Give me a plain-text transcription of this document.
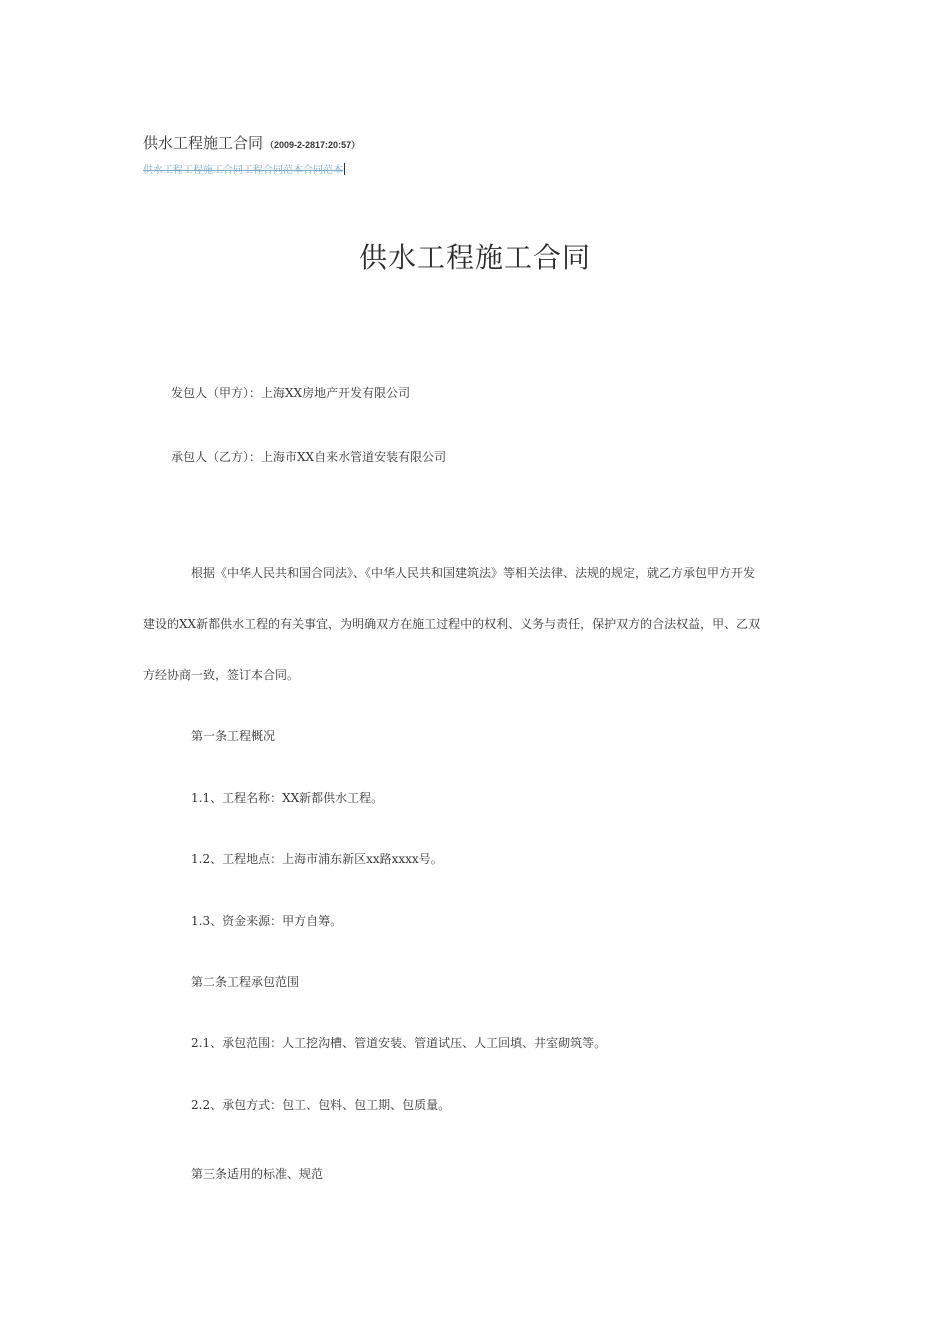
供水工程施工合同 （2009-2-2817:20:57）
供水工程工程施工合同工程合同范本合同范本
供水工程施工合同
发包人（甲方）：上海XX房地产开发有限公司
承包人（乙方）：上海市XX自来水管道安装有限公司
根据《中华人民共和国合同法》、《中华人民共和国建筑法》等相关法律、法规的规定，就乙方承包甲方开发
建设的XX新都供水工程的有关事宜，为明确双方在施工过程中的权利、义务与责任，保护双方的合法权益，甲、乙双
方经协商一致，签订本合同。
第一条工程概况
1.1、工程名称：XX新都供水工程。
1.2、工程地点：上海市浦东新区xx路xxxx号。
1.3、资金来源：甲方自筹。
第二条工程承包范围
2.1、承包范围：人工挖沟槽、管道安装、管道试压、人工回填、井室砌筑等。
2.2、承包方式：包工、包料、包工期、包质量。
第三条适用的标准、规范
